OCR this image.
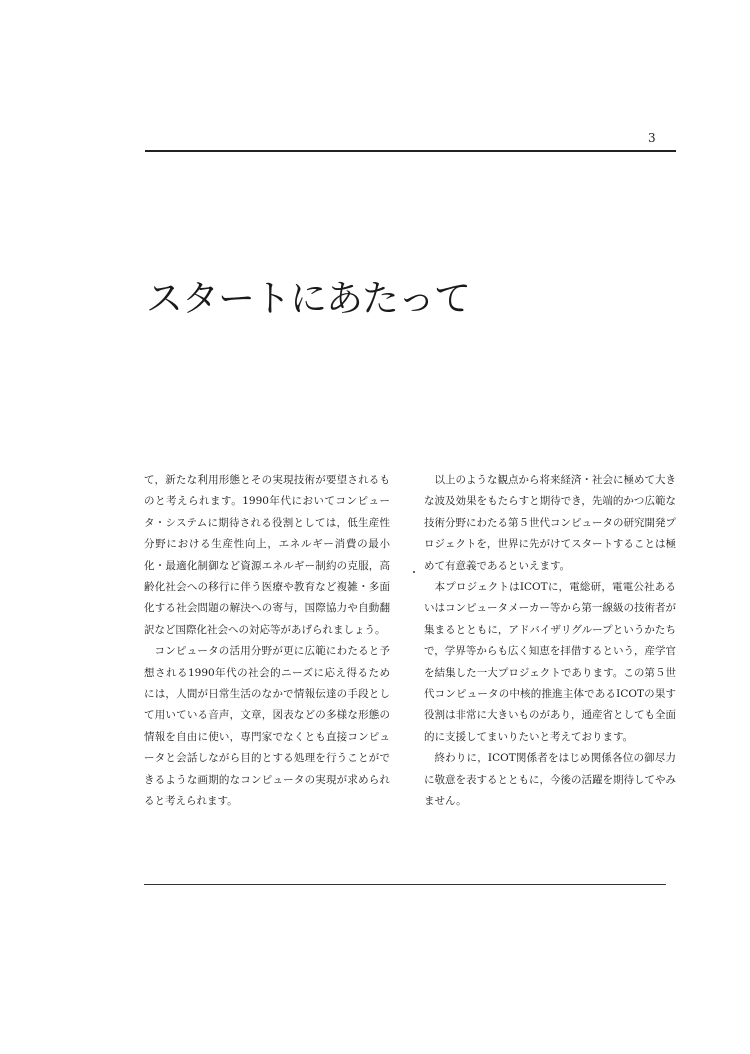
3
スタートにあたって

て，新たな利用形態とその実現技術が要望されるものと考えられます。1990年代においてコンピュータ・システムに期待される役割としては，低生産性分野における生産性向上，エネルギー消費の最小化・最適化制御など資源エネルギー制約の克服，高齢化社会への移行に伴う医療や教育など複雑・多面化する社会問題の解決への寄与，国際協力や自動翻訳など国際化社会への対応等があげられましょう。

コンピュータの活用分野が更に広範にわたると予想される1990年代の社会的ニーズに応え得るためには，人間が日常生活のなかで情報伝達の手段として用いている音声，文章，図表などの多様な形態の情報を自由に使い，専門家でなくとも直接コンピュータと会話しながら目的とする処理を行うことができるような画期的なコンピュータの実現が求められると考えられます。

以上のような観点から将来経済・社会に極めて大きな波及効果をもたらすと期待でき，先端的かつ広範な技術分野にわたる第５世代コンピュータの研究開発プロジェクトを，世界に先がけてスタートすることは極めて有意義であるといえます。

本プロジェクトはICOTに，電総研，電電公社あるいはコンピュータメーカー等から第一線級の技術者が集まるとともに，アドバイザリグループというかたちで，学界等からも広く知恵を拝借するという，産学官を結集した一大プロジェクトであります。この第５世代コンピュータの中核的推進主体であるICOTの果す役割は非常に大きいものがあり，通産省としても全面的に支援してまいりたいと考えております。

終わりに，ICOT関係者をはじめ関係各位の御尽力に敬意を表するとともに，今後の活躍を期待してやみません。
